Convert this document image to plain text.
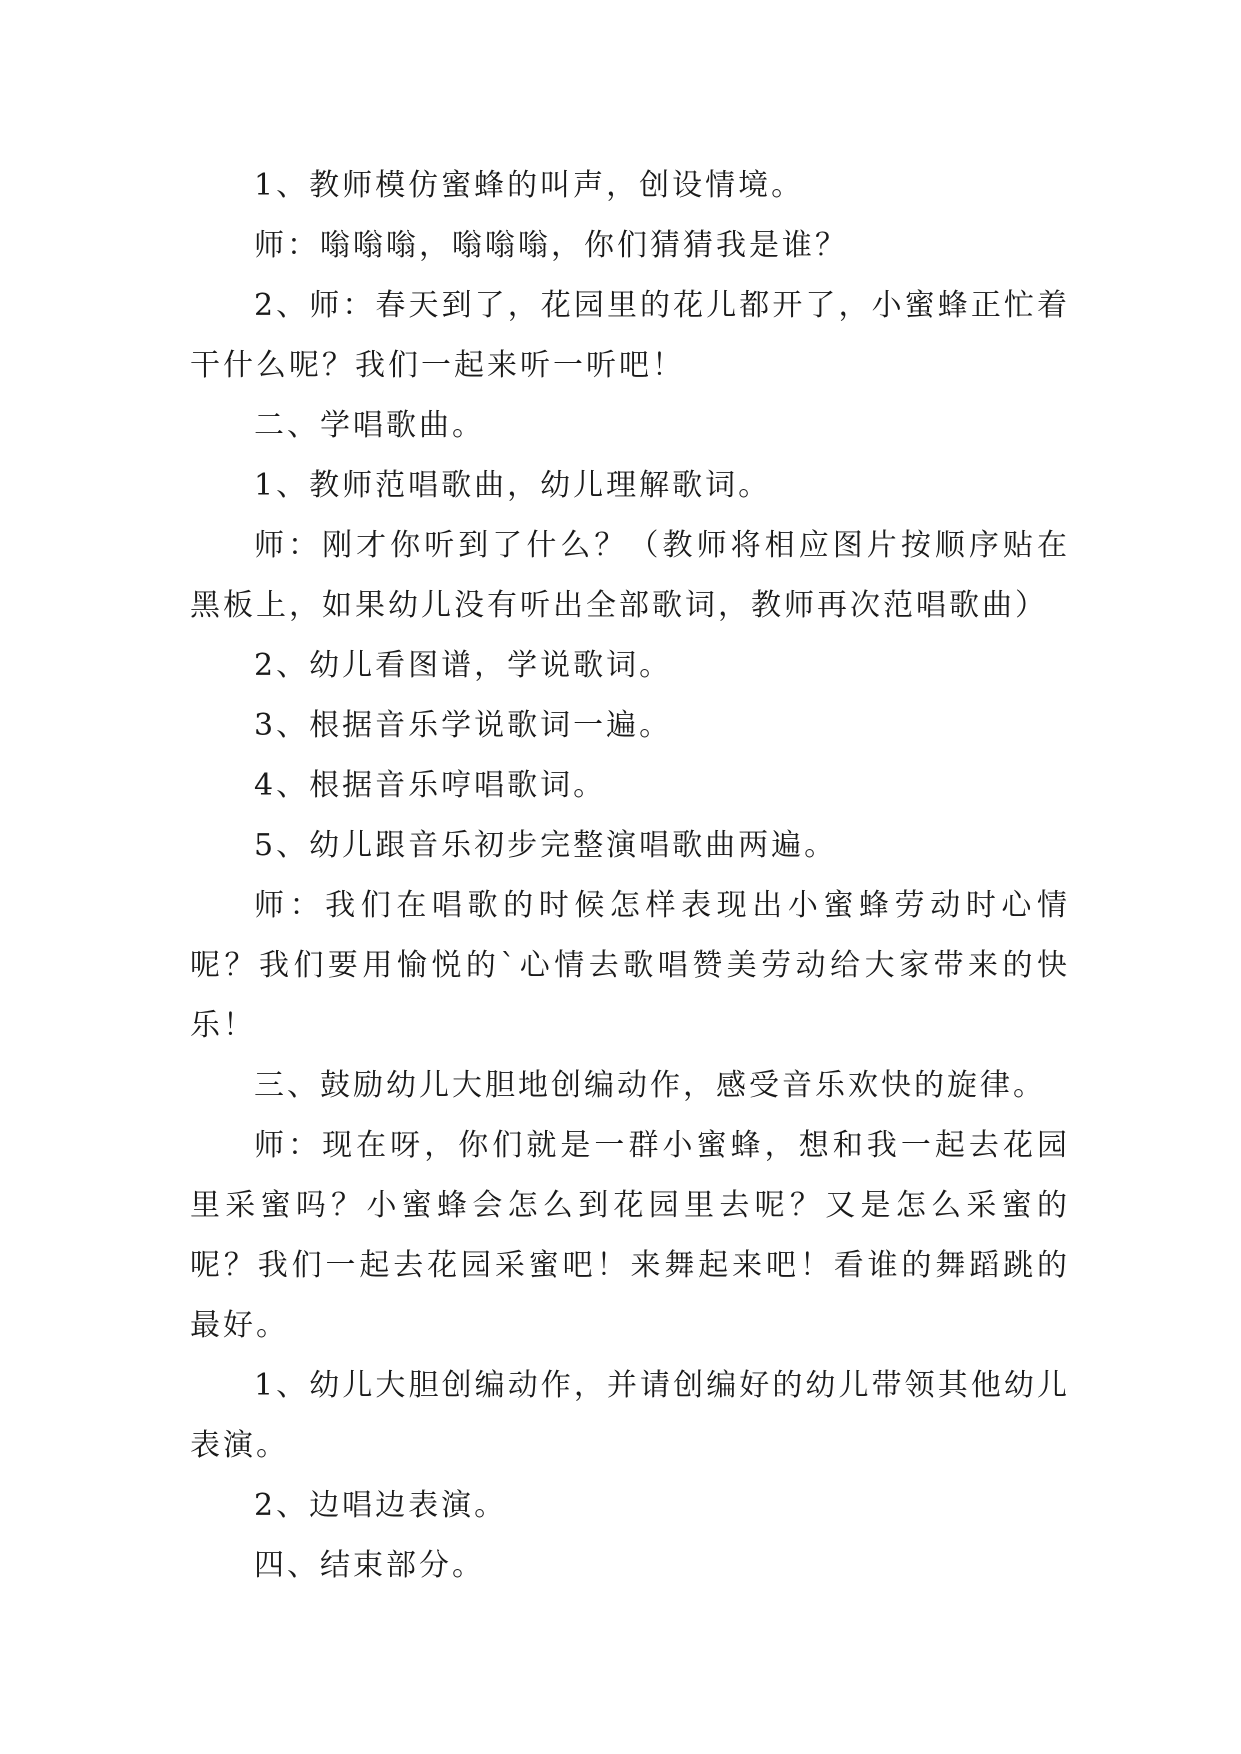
1、教师模仿蜜蜂的叫声，创设情境。

师：嗡嗡嗡，嗡嗡嗡，你们猜猜我是谁？

2、师：春天到了，花园里的花儿都开了，小蜜蜂正忙着干什么呢？我们一起来听一听吧！

二、学唱歌曲。

1、教师范唱歌曲，幼儿理解歌词。

师：刚才你听到了什么？（教师将相应图片按顺序贴在黑板上，如果幼儿没有听出全部歌词，教师再次范唱歌曲）

2、幼儿看图谱，学说歌词。

3、根据音乐学说歌词一遍。

4、根据音乐哼唱歌词。

5、幼儿跟音乐初步完整演唱歌曲两遍。

师：我们在唱歌的时候怎样表现出小蜜蜂劳动时心情呢？我们要用愉悦的`心情去歌唱赞美劳动给大家带来的快乐！

三、鼓励幼儿大胆地创编动作，感受音乐欢快的旋律。

师：现在呀，你们就是一群小蜜蜂，想和我一起去花园里采蜜吗？小蜜蜂会怎么到花园里去呢？又是怎么采蜜的呢？我们一起去花园采蜜吧！来舞起来吧！看谁的舞蹈跳的最好。

1、幼儿大胆创编动作，并请创编好的幼儿带领其他幼儿表演。

2、边唱边表演。

四、结束部分。
